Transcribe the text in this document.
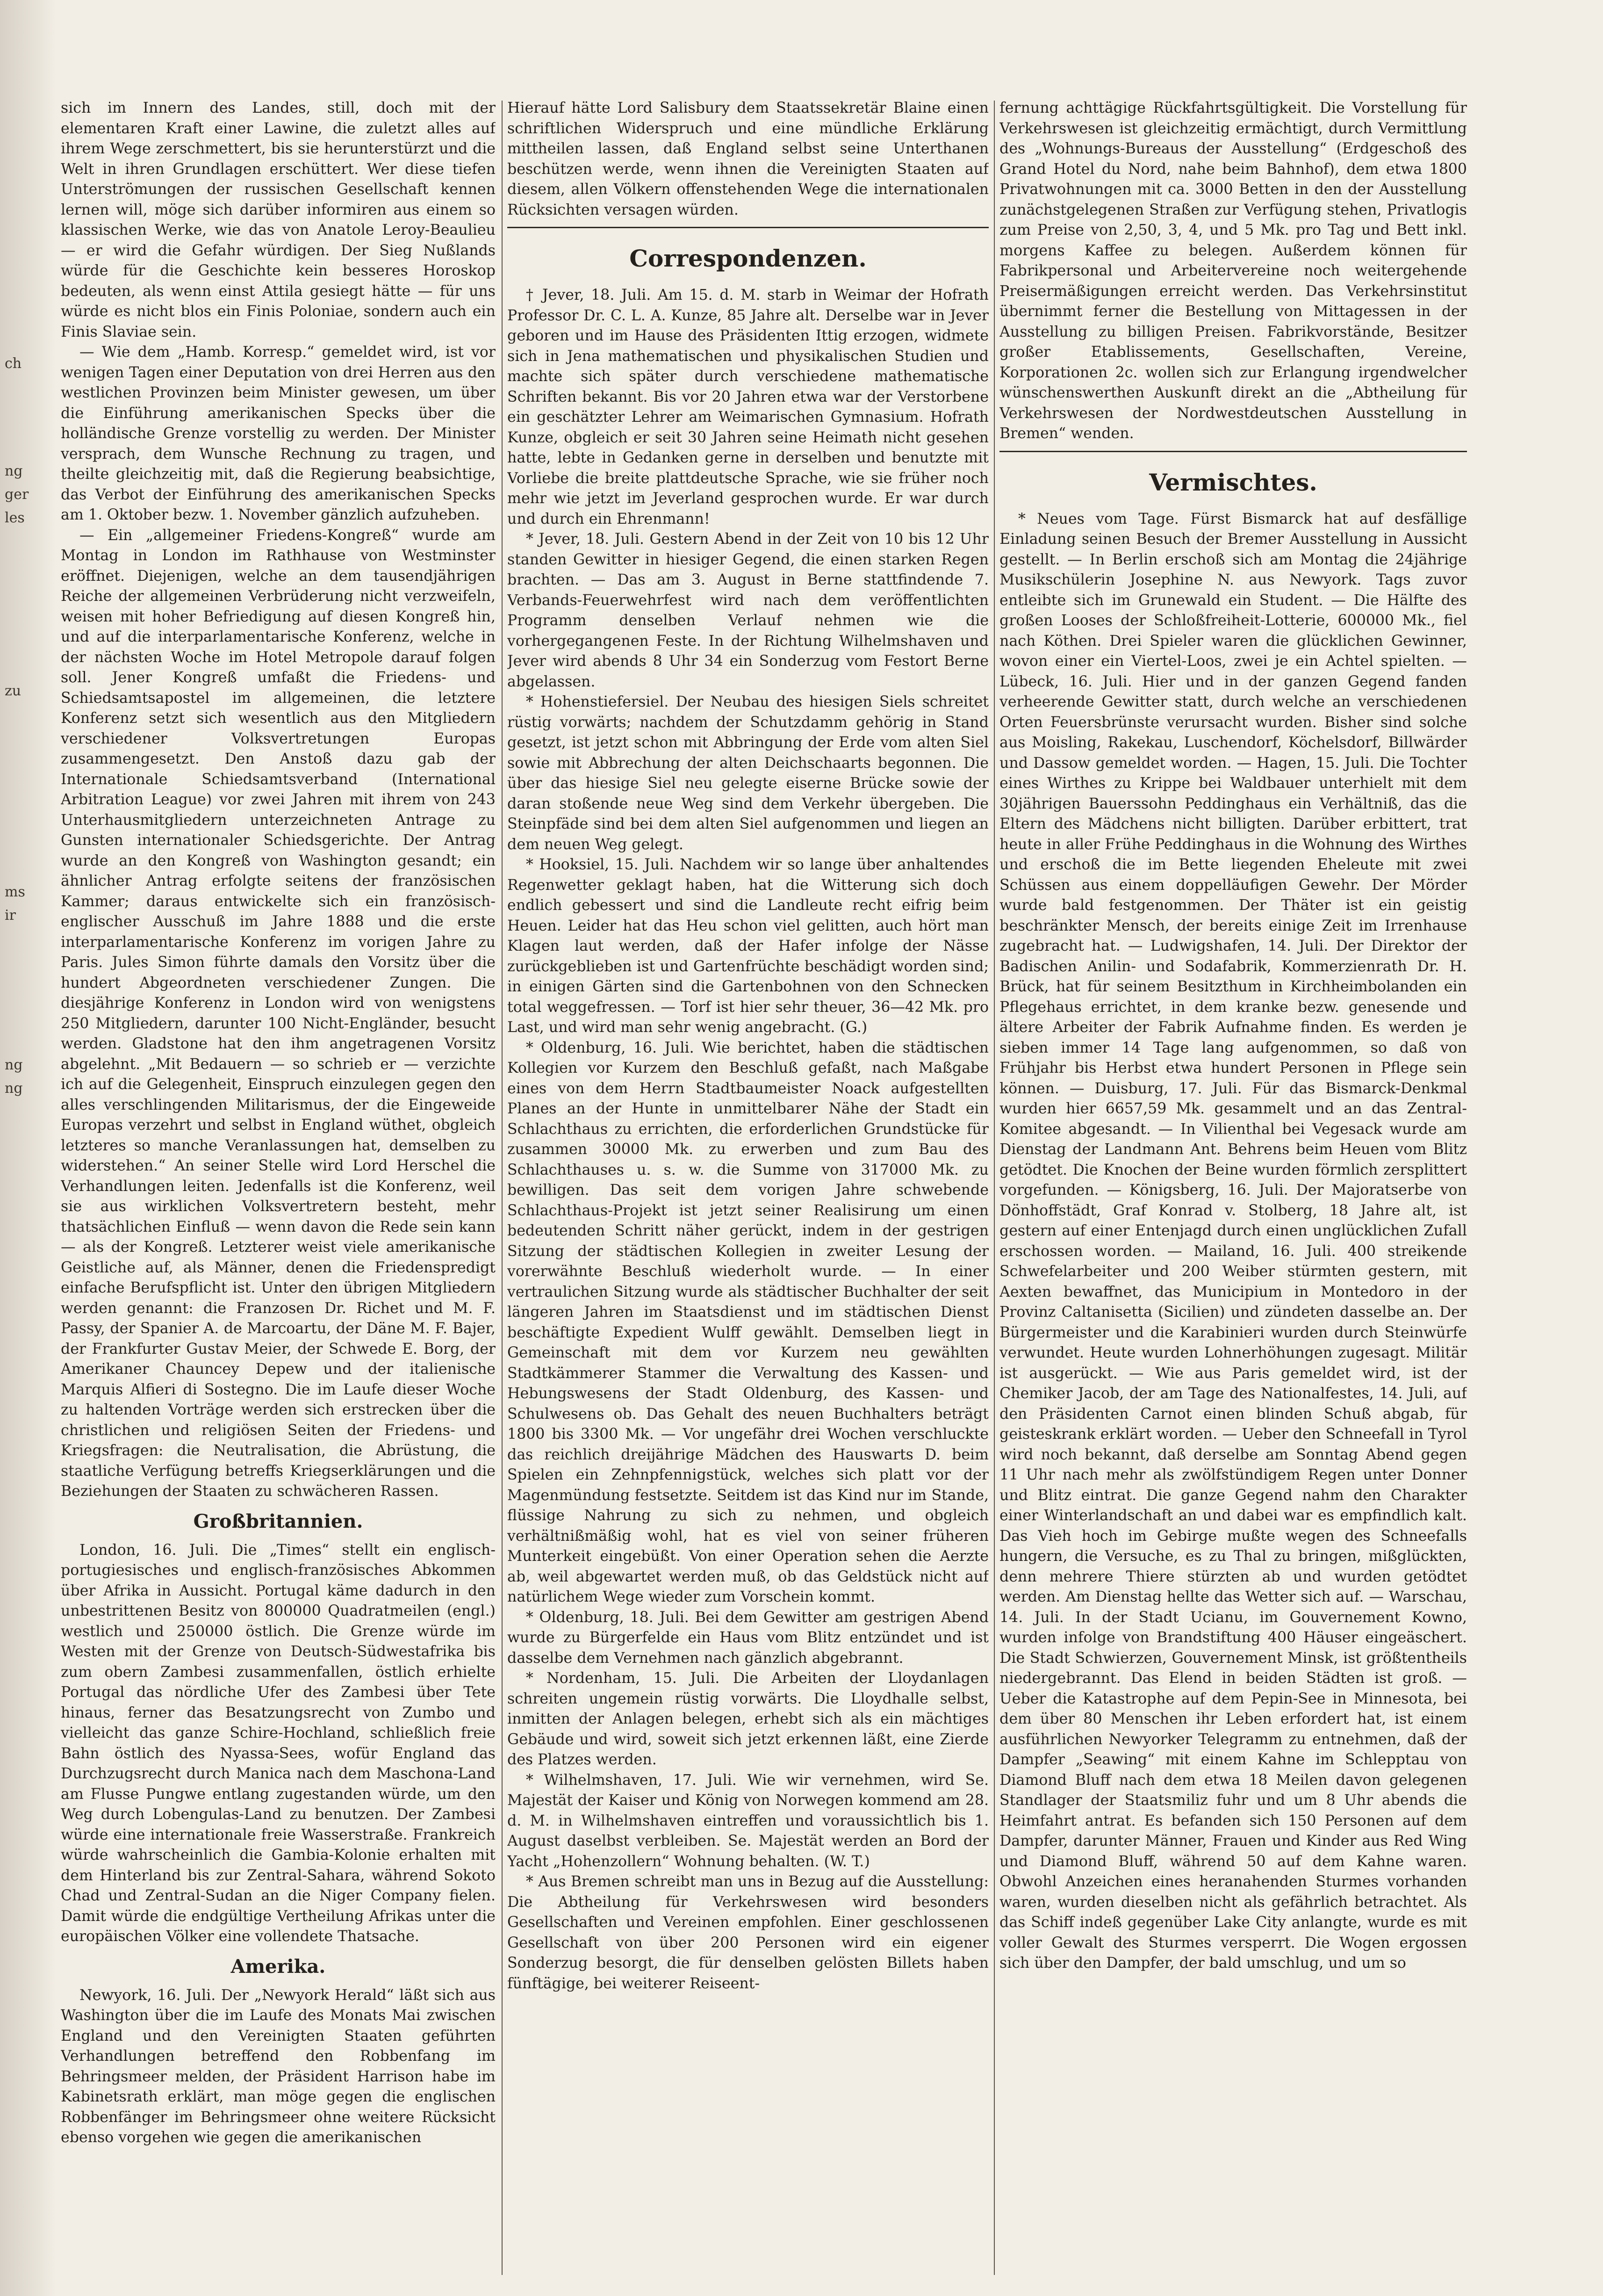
ch
ng
ger
les
zu
ms
ir
ng
ng

sich im Innern des Landes, still, doch mit der elementaren Kraft einer Lawine, die zuletzt alles auf ihrem Wege zerschmettert, bis sie herunterstürzt und die Welt in ihren Grundlagen erschüttert. Wer diese tiefen Unterströmungen der russischen Gesellschaft kennen lernen will, möge sich darüber informiren aus einem so klassischen Werke, wie das von Anatole Leroy-Beaulieu — er wird die Gefahr würdigen. Der Sieg Nußlands würde für die Geschichte kein besseres Horoskop bedeuten, als wenn einst Attila gesiegt hätte — für uns würde es nicht blos ein Finis Poloniae, sondern auch ein Finis Slaviae sein.

— Wie dem „Hamb. Korresp.“ gemeldet wird, ist vor wenigen Tagen einer Deputation von drei Herren aus den westlichen Provinzen beim Minister gewesen, um über die Einführung amerikanischen Specks über die holländische Grenze vorstellig zu werden. Der Minister versprach, dem Wunsche Rechnung zu tragen, und theilte gleichzeitig mit, daß die Regierung beabsichtige, das Verbot der Einführung des amerikanischen Specks am 1. Oktober bezw. 1. November gänzlich aufzuheben.

— Ein „allgemeiner Friedens-Kongreß“ wurde am Montag in London im Rathhause von Westminster eröffnet. Diejenigen, welche an dem tausendjährigen Reiche der allgemeinen Verbrüderung nicht verzweifeln, weisen mit hoher Befriedigung auf diesen Kongreß hin, und auf die interparlamentarische Konferenz, welche in der nächsten Woche im Hotel Metropole darauf folgen soll. Jener Kongreß umfaßt die Friedens- und Schiedsamtsapostel im allgemeinen, die letztere Konferenz setzt sich wesentlich aus den Mitgliedern verschiedener Volksvertretungen Europas zusammengesetzt. Den Anstoß dazu gab der Internationale Schiedsamtsverband (International Arbitration League) vor zwei Jahren mit ihrem von 243 Unterhausmitgliedern unterzeichneten Antrage zu Gunsten internationaler Schiedsgerichte. Der Antrag wurde an den Kongreß von Washington gesandt; ein ähnlicher Antrag erfolgte seitens der französischen Kammer; daraus entwickelte sich ein französisch-englischer Ausschuß im Jahre 1888 und die erste interparlamentarische Konferenz im vorigen Jahre zu Paris. Jules Simon führte damals den Vorsitz über die hundert Abgeordneten verschiedener Zungen. Die diesjährige Konferenz in London wird von wenigstens 250 Mitgliedern, darunter 100 Nicht-Engländer, besucht werden. Gladstone hat den ihm angetragenen Vorsitz abgelehnt. „Mit Bedauern — so schrieb er — verzichte ich auf die Gelegenheit, Einspruch einzulegen gegen den alles verschlingenden Militarismus, der die Eingeweide Europas verzehrt und selbst in England wüthet, obgleich letzteres so manche Veranlassungen hat, demselben zu widerstehen.“ An seiner Stelle wird Lord Herschel die Verhandlungen leiten. Jedenfalls ist die Konferenz, weil sie aus wirklichen Volksvertretern besteht, mehr thatsächlichen Einfluß — wenn davon die Rede sein kann — als der Kongreß. Letzterer weist viele amerikanische Geistliche auf, als Männer, denen die Friedenspredigt einfache Berufspflicht ist. Unter den übrigen Mitgliedern werden genannt: die Franzosen Dr. Richet und M. F. Passy, der Spanier A. de Marcoartu, der Däne M. F. Bajer, der Frankfurter Gustav Meier, der Schwede E. Borg, der Amerikaner Chauncey Depew und der italienische Marquis Alfieri di Sostegno. Die im Laufe dieser Woche zu haltenden Vorträge werden sich erstrecken über die christlichen und religiösen Seiten der Friedens- und Kriegsfragen: die Neutralisation, die Abrüstung, die staatliche Verfügung betreffs Kriegserklärungen und die Beziehungen der Staaten zu schwächeren Rassen.

Großbritannien.

London, 16. Juli. Die „Times“ stellt ein englisch-portugiesisches und englisch-französisches Abkommen über Afrika in Aussicht. Portugal käme dadurch in den unbestrittenen Besitz von 800000 Quadratmeilen (engl.) westlich und 250000 östlich. Die Grenze würde im Westen mit der Grenze von Deutsch-Südwestafrika bis zum obern Zambesi zusammenfallen, östlich erhielte Portugal das nördliche Ufer des Zambesi über Tete hinaus, ferner das Besatzungsrecht von Zumbo und vielleicht das ganze Schire-Hochland, schließlich freie Bahn östlich des Nyassa-Sees, wofür England das Durchzugsrecht durch Manica nach dem Maschona-Land am Flusse Pungwe entlang zugestanden würde, um den Weg durch Lobengulas-Land zu benutzen. Der Zambesi würde eine internationale freie Wasserstraße. Frankreich würde wahrscheinlich die Gambia-Kolonie erhalten mit dem Hinterland bis zur Zentral-Sahara, während Sokoto Chad und Zentral-Sudan an die Niger Company fielen. Damit würde die endgültige Vertheilung Afrikas unter die europäischen Völker eine vollendete Thatsache.

Amerika.

Newyork, 16. Juli. Der „Newyork Herald“ läßt sich aus Washington über die im Laufe des Monats Mai zwischen England und den Vereinigten Staaten geführten Verhandlungen betreffend den Robbenfang im Behringsmeer melden, der Präsident Harrison habe im Kabinetsrath erklärt, man möge gegen die englischen Robbenfänger im Behringsmeer ohne weitere Rücksicht ebenso vorgehen wie gegen die amerikanischen

Hierauf hätte Lord Salisbury dem Staatssekretär Blaine einen schriftlichen Widerspruch und eine mündliche Erklärung mittheilen lassen, daß England selbst seine Unterthanen beschützen werde, wenn ihnen die Vereinigten Staaten auf diesem, allen Völkern offenstehenden Wege die internationalen Rücksichten versagen würden.

Correspondenzen.

† Jever, 18. Juli. Am 15. d. M. starb in Weimar der Hofrath Professor Dr. C. L. A. Kunze, 85 Jahre alt. Derselbe war in Jever geboren und im Hause des Präsidenten Ittig erzogen, widmete sich in Jena mathematischen und physikalischen Studien und machte sich später durch verschiedene mathematische Schriften bekannt. Bis vor 20 Jahren etwa war der Verstorbene ein geschätzter Lehrer am Weimarischen Gymnasium. Hofrath Kunze, obgleich er seit 30 Jahren seine Heimath nicht gesehen hatte, lebte in Gedanken gerne in derselben und benutzte mit Vorliebe die breite plattdeutsche Sprache, wie sie früher noch mehr wie jetzt im Jeverland gesprochen wurde. Er war durch und durch ein Ehrenmann!

* Jever, 18. Juli. Gestern Abend in der Zeit von 10 bis 12 Uhr standen Gewitter in hiesiger Gegend, die einen starken Regen brachten. — Das am 3. August in Berne stattfindende 7. Verbands-Feuerwehrfest wird nach dem veröffentlichten Programm denselben Verlauf nehmen wie die vorhergegangenen Feste. In der Richtung Wilhelmshaven und Jever wird abends 8 Uhr 34 ein Sonderzug vom Festort Berne abgelassen.

* Hohenstiefersiel. Der Neubau des hiesigen Siels schreitet rüstig vorwärts; nachdem der Schutzdamm gehörig in Stand gesetzt, ist jetzt schon mit Abbringung der Erde vom alten Siel sowie mit Abbrechung der alten Deichschaarts begonnen. Die über das hiesige Siel neu gelegte eiserne Brücke sowie der daran stoßende neue Weg sind dem Verkehr übergeben. Die Steinpfäde sind bei dem alten Siel aufgenommen und liegen an dem neuen Weg gelegt.

* Hooksiel, 15. Juli. Nachdem wir so lange über anhaltendes Regenwetter geklagt haben, hat die Witterung sich doch endlich gebessert und sind die Landleute recht eifrig beim Heuen. Leider hat das Heu schon viel gelitten, auch hört man Klagen laut werden, daß der Hafer infolge der Nässe zurückgeblieben ist und Gartenfrüchte beschädigt worden sind; in einigen Gärten sind die Gartenbohnen von den Schnecken total weggefressen. — Torf ist hier sehr theuer, 36—42 Mk. pro Last, und wird man sehr wenig angebracht. (G.)

* Oldenburg, 16. Juli. Wie berichtet, haben die städtischen Kollegien vor Kurzem den Beschluß gefaßt, nach Maßgabe eines von dem Herrn Stadtbaumeister Noack aufgestellten Planes an der Hunte in unmittelbarer Nähe der Stadt ein Schlachthaus zu errichten, die erforderlichen Grundstücke für zusammen 30000 Mk. zu erwerben und zum Bau des Schlachthauses u. s. w. die Summe von 317000 Mk. zu bewilligen. Das seit dem vorigen Jahre schwebende Schlachthaus-Projekt ist jetzt seiner Realisirung um einen bedeutenden Schritt näher gerückt, indem in der gestrigen Sitzung der städtischen Kollegien in zweiter Lesung der vorerwähnte Beschluß wiederholt wurde. — In einer vertraulichen Sitzung wurde als städtischer Buchhalter der seit längeren Jahren im Staatsdienst und im städtischen Dienst beschäftigte Expedient Wulff gewählt. Demselben liegt in Gemeinschaft mit dem vor Kurzem neu gewählten Stadtkämmerer Stammer die Verwaltung des Kassen- und Hebungswesens der Stadt Oldenburg, des Kassen- und Schulwesens ob. Das Gehalt des neuen Buchhalters beträgt 1800 bis 3300 Mk. — Vor ungefähr drei Wochen verschluckte das reichlich dreijährige Mädchen des Hauswarts D. beim Spielen ein Zehnpfennigstück, welches sich platt vor der Magenmündung festsetzte. Seitdem ist das Kind nur im Stande, flüssige Nahrung zu sich zu nehmen, und obgleich verhältnißmäßig wohl, hat es viel von seiner früheren Munterkeit eingebüßt. Von einer Operation sehen die Aerzte ab, weil abgewartet werden muß, ob das Geldstück nicht auf natürlichem Wege wieder zum Vorschein kommt.

* Oldenburg, 18. Juli. Bei dem Gewitter am gestrigen Abend wurde zu Bürgerfelde ein Haus vom Blitz entzündet und ist dasselbe dem Vernehmen nach gänzlich abgebrannt.

* Nordenham, 15. Juli. Die Arbeiten der Lloydanlagen schreiten ungemein rüstig vorwärts. Die Lloydhalle selbst, inmitten der Anlagen belegen, erhebt sich als ein mächtiges Gebäude und wird, soweit sich jetzt erkennen läßt, eine Zierde des Platzes werden.

* Wilhelmshaven, 17. Juli. Wie wir vernehmen, wird Se. Majestät der Kaiser und König von Norwegen kommend am 28. d. M. in Wilhelmshaven eintreffen und voraussichtlich bis 1. August daselbst verbleiben. Se. Majestät werden an Bord der Yacht „Hohenzollern“ Wohnung behalten. (W. T.)

* Aus Bremen schreibt man uns in Bezug auf die Ausstellung: Die Abtheilung für Verkehrswesen wird besonders Gesellschaften und Vereinen empfohlen. Einer geschlossenen Gesellschaft von über 200 Personen wird ein eigener Sonderzug besorgt, die für denselben gelösten Billets haben fünftägige, bei weiterer Reiseent-

fernung achttägige Rückfahrtsgültigkeit. Die Vorstellung für Verkehrswesen ist gleichzeitig ermächtigt, durch Vermittlung des „Wohnungs-Bureaus der Ausstellung“ (Erdgeschoß des Grand Hotel du Nord, nahe beim Bahnhof), dem etwa 1800 Privatwohnungen mit ca. 3000 Betten in den der Ausstellung zunächstgelegenen Straßen zur Verfügung stehen, Privatlogis zum Preise von 2,50, 3, 4, und 5 Mk. pro Tag und Bett inkl. morgens Kaffee zu belegen. Außerdem können für Fabrikpersonal und Arbeitervereine noch weitergehende Preisermäßigungen erreicht werden. Das Verkehrsinstitut übernimmt ferner die Bestellung von Mittagessen in der Ausstellung zu billigen Preisen. Fabrikvorstände, Besitzer großer Etablissements, Gesellschaften, Vereine, Korporationen 2c. wollen sich zur Erlangung irgendwelcher wünschenswerthen Auskunft direkt an die „Abtheilung für Verkehrswesen der Nordwestdeutschen Ausstellung in Bremen“ wenden.

Vermischtes.

* Neues vom Tage. Fürst Bismarck hat auf desfällige Einladung seinen Besuch der Bremer Ausstellung in Aussicht gestellt. — In Berlin erschoß sich am Montag die 24jährige Musikschülerin Josephine N. aus Newyork. Tags zuvor entleibte sich im Grunewald ein Student. — Die Hälfte des großen Looses der Schloßfreiheit-Lotterie, 600000 Mk., fiel nach Köthen. Drei Spieler waren die glücklichen Gewinner, wovon einer ein Viertel-Loos, zwei je ein Achtel spielten. — Lübeck, 16. Juli. Hier und in der ganzen Gegend fanden verheerende Gewitter statt, durch welche an verschiedenen Orten Feuersbrünste verursacht wurden. Bisher sind solche aus Moisling, Rakekau, Luschendorf, Köchelsdorf, Billwärder und Dassow gemeldet worden. — Hagen, 15. Juli. Die Tochter eines Wirthes zu Krippe bei Waldbauer unterhielt mit dem 30jährigen Bauerssohn Peddinghaus ein Verhältniß, das die Eltern des Mädchens nicht billigten. Darüber erbittert, trat heute in aller Frühe Peddinghaus in die Wohnung des Wirthes und erschoß die im Bette liegenden Eheleute mit zwei Schüssen aus einem doppelläufigen Gewehr. Der Mörder wurde bald festgenommen. Der Thäter ist ein geistig beschränkter Mensch, der bereits einige Zeit im Irrenhause zugebracht hat. — Ludwigshafen, 14. Juli. Der Direktor der Badischen Anilin- und Sodafabrik, Kommerzienrath Dr. H. Brück, hat für seinem Besitzthum in Kirchheimbolanden ein Pflegehaus errichtet, in dem kranke bezw. genesende und ältere Arbeiter der Fabrik Aufnahme finden. Es werden je sieben immer 14 Tage lang aufgenommen, so daß von Frühjahr bis Herbst etwa hundert Personen in Pflege sein können. — Duisburg, 17. Juli. Für das Bismarck-Denkmal wurden hier 6657,59 Mk. gesammelt und an das Zentral-Komitee abgesandt. — In Vilienthal bei Vegesack wurde am Dienstag der Landmann Ant. Behrens beim Heuen vom Blitz getödtet. Die Knochen der Beine wurden förmlich zersplittert vorgefunden. — Königsberg, 16. Juli. Der Majoratserbe von Dönhoffstädt, Graf Konrad v. Stolberg, 18 Jahre alt, ist gestern auf einer Entenjagd durch einen unglücklichen Zufall erschossen worden. — Mailand, 16. Juli. 400 streikende Schwefelarbeiter und 200 Weiber stürmten gestern, mit Aexten bewaffnet, das Municipium in Montedoro in der Provinz Caltanisetta (Sicilien) und zündeten dasselbe an. Der Bürgermeister und die Karabinieri wurden durch Steinwürfe verwundet. Heute wurden Lohnerhöhungen zugesagt. Militär ist ausgerückt. — Wie aus Paris gemeldet wird, ist der Chemiker Jacob, der am Tage des Nationalfestes, 14. Juli, auf den Präsidenten Carnot einen blinden Schuß abgab, für geisteskrank erklärt worden. — Ueber den Schneefall in Tyrol wird noch bekannt, daß derselbe am Sonntag Abend gegen 11 Uhr nach mehr als zwölfstündigem Regen unter Donner und Blitz eintrat. Die ganze Gegend nahm den Charakter einer Winterlandschaft an und dabei war es empfindlich kalt. Das Vieh hoch im Gebirge mußte wegen des Schneefalls hungern, die Versuche, es zu Thal zu bringen, mißglückten, denn mehrere Thiere stürzten ab und wurden getödtet werden. Am Dienstag hellte das Wetter sich auf. — Warschau, 14. Juli. In der Stadt Ucianu, im Gouvernement Kowno, wurden infolge von Brandstiftung 400 Häuser eingeäschert. Die Stadt Schwierzen, Gouvernement Minsk, ist größtentheils niedergebrannt. Das Elend in beiden Städten ist groß. — Ueber die Katastrophe auf dem Pepin-See in Minnesota, bei dem über 80 Menschen ihr Leben erfordert hat, ist einem ausführlichen Newyorker Telegramm zu entnehmen, daß der Dampfer „Seawing“ mit einem Kahne im Schlepptau von Diamond Bluff nach dem etwa 18 Meilen davon gelegenen Standlager der Staatsmiliz fuhr und um 8 Uhr abends die Heimfahrt antrat. Es befanden sich 150 Personen auf dem Dampfer, darunter Männer, Frauen und Kinder aus Red Wing und Diamond Bluff, während 50 auf dem Kahne waren. Obwohl Anzeichen eines heranahenden Sturmes vorhanden waren, wurden dieselben nicht als gefährlich betrachtet. Als das Schiff indeß gegenüber Lake City anlangte, wurde es mit voller Gewalt des Sturmes versperrt. Die Wogen ergossen sich über den Dampfer, der bald umschlug, und um so
